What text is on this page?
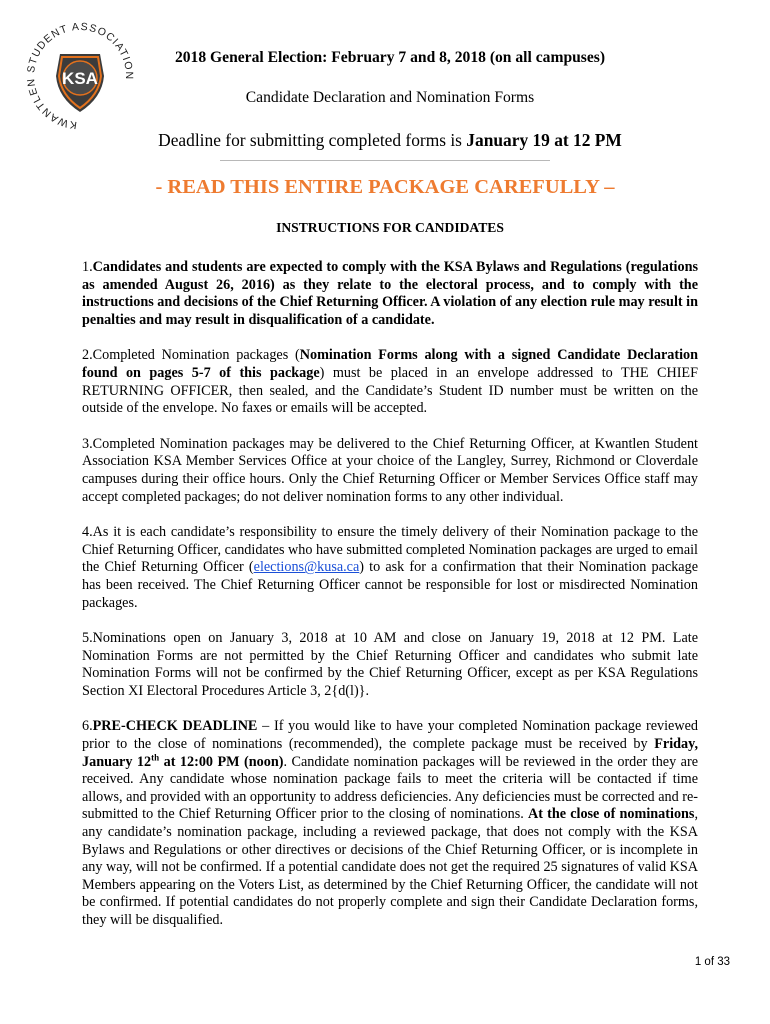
KWANTLEN STUDENT ASSOCIATION
KSA
2018 General Election: February 7 and 8, 2018 (on all campuses)
Candidate Declaration and Nomination Forms
Deadline for submitting completed forms is January 19 at 12 PM
- READ THIS ENTIRE PACKAGE CAREFULLY –
INSTRUCTIONS FOR CANDIDATES

1.Candidates and students are expected to comply with the KSA Bylaws and Regulations (regulations as amended August 26, 2016) as they relate to the electoral process, and to comply with the instructions and decisions of the Chief Returning Officer. A violation of any election rule may result in penalties and may result in disqualification of a candidate.

2.Completed Nomination packages (Nomination Forms along with a signed Candidate Declaration found on pages 5-7 of this package) must be placed in an envelope addressed to THE CHIEF RETURNING OFFICER, then sealed, and the Candidate’s Student ID number must be written on the outside of the envelope. No faxes or emails will be accepted.

3.Completed Nomination packages may be delivered to the Chief Returning Officer, at Kwantlen Student Association KSA Member Services Office at your choice of the Langley, Surrey, Richmond or Cloverdale campuses during their office hours. Only the Chief Returning Officer or Member Services Office staff may accept completed packages; do not deliver nomination forms to any other individual.

4.As it is each candidate’s responsibility to ensure the timely delivery of their Nomination package to the Chief Returning Officer, candidates who have submitted completed Nomination packages are urged to email the Chief Returning Officer (elections@kusa.ca) to ask for a confirmation that their Nomination package has been received. The Chief Returning Officer cannot be responsible for lost or misdirected Nomination packages.

5.Nominations open on January 3, 2018 at 10 AM and close on January 19, 2018 at 12 PM. Late Nomination Forms are not permitted by the Chief Returning Officer and candidates who submit late Nomination Forms will not be confirmed by the Chief Returning Officer, except as per KSA Regulations Section XI Electoral Procedures Article 3, 2{d(l)}.

6.PRE-CHECK DEADLINE – If you would like to have your completed Nomination package reviewed prior to the close of nominations (recommended), the complete package must be received by Friday, January 12th at 12:00 PM (noon). Candidate nomination packages will be reviewed in the order they are received. Any candidate whose nomination package fails to meet the criteria will be contacted if time allows, and provided with an opportunity to address deficiencies. Any deficiencies must be corrected and re-submitted to the Chief Returning Officer prior to the closing of nominations. At the close of nominations, any candidate’s nomination package, including a reviewed package, that does not comply with the KSA Bylaws and Regulations or other directives or decisions of the Chief Returning Officer, or is incomplete in any way, will not be confirmed. If a potential candidate does not get the required 25 signatures of valid KSA Members appearing on the Voters List, as determined by the Chief Returning Officer, the candidate will not be confirmed. If potential candidates do not properly complete and sign their Candidate Declaration forms, they will be disqualified.

1 of 33
